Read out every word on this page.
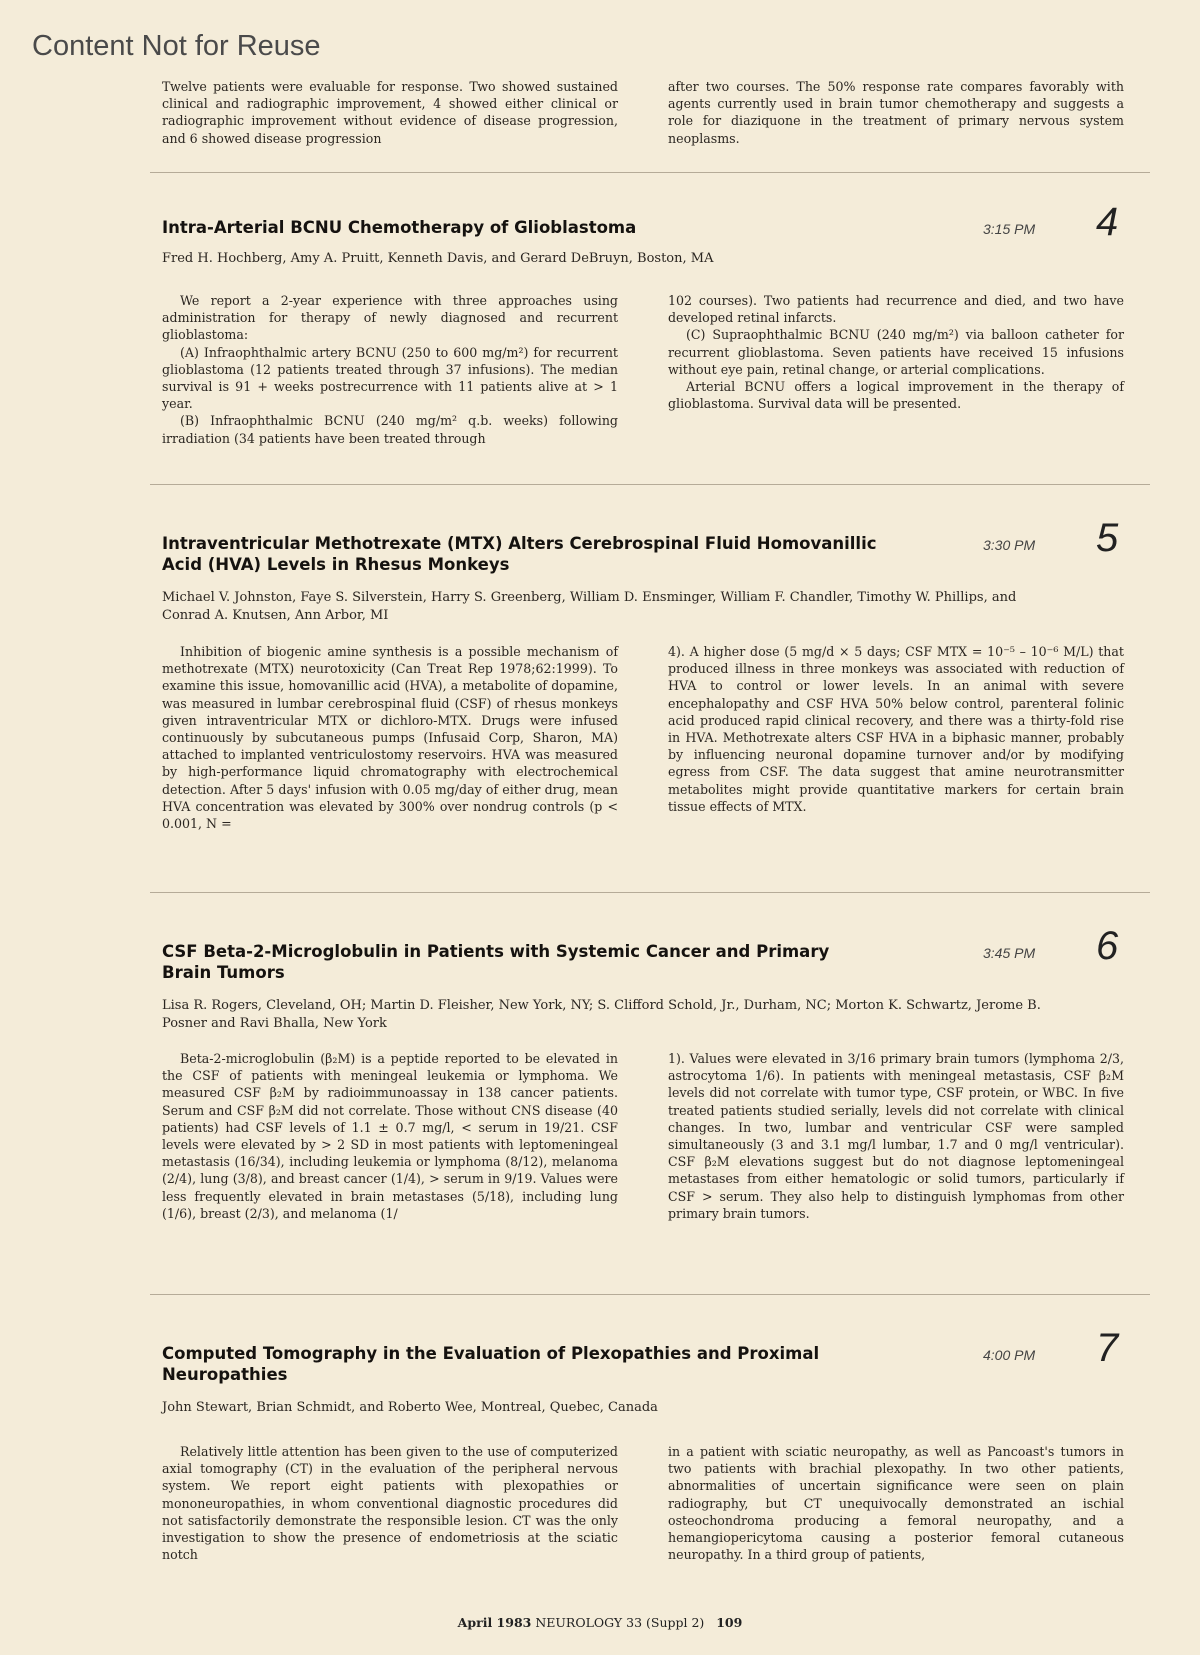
Content Not for Reuse
Twelve patients were evaluable for response. Two showed sustained clinical and radiographic improvement, 4 showed either clinical or radiographic improvement without evidence of disease progression, and 6 showed disease progression
after two courses. The 50% response rate compares favorably with agents currently used in brain tumor chemotherapy and suggests a role for diaziquone in the treatment of primary nervous system neoplasms.
Intra-Arterial BCNU Chemotherapy of Glioblastoma	3:15 PM 4
Fred H. Hochberg, Amy A. Pruitt, Kenneth Davis, and Gerard DeBruyn, Boston, MA

We report a 2-year experience with three approaches using administration for therapy of newly diagnosed and recurrent glioblastoma:

(A) Infraophthalmic artery BCNU (250 to 600 mg/m²) for recurrent glioblastoma (12 patients treated through 37 infusions). The median survival is 91 + weeks postrecurrence with 11 patients alive at > 1 year.

(B) Infraophthalmic BCNU (240 mg/m² q.b. weeks) following irradiation (34 patients have been treated through

102 courses). Two patients had recurrence and died, and two have developed retinal infarcts.

(C) Supraophthalmic BCNU (240 mg/m²) via balloon catheter for recurrent glioblastoma. Seven patients have received 15 infusions without eye pain, retinal change, or arterial complications.

Arterial BCNU offers a logical improvement in the therapy of glioblastoma. Survival data will be presented.

Intraventricular Methotrexate (MTX) Alters Cerebrospinal Fluid Homovanillic Acid (HVA) Levels in Rhesus Monkeys
3:30 PM 5
Michael V. Johnston, Faye S. Silverstein, Harry S. Greenberg, William D. Ensminger, William F. Chandler, Timothy W. Phillips, and Conrad A. Knutsen, Ann Arbor, MI

Inhibition of biogenic amine synthesis is a possible mechanism of methotrexate (MTX) neurotoxicity (Can Treat Rep 1978;62:1999). To examine this issue, homovanillic acid (HVA), a metabolite of dopamine, was measured in lumbar cerebrospinal fluid (CSF) of rhesus monkeys given intraventricular MTX or dichloro-MTX. Drugs were infused continuously by subcutaneous pumps (Infusaid Corp, Sharon, MA) attached to implanted ventriculostomy reservoirs. HVA was measured by high-performance liquid chromatography with electrochemical detection. After 5 days' infusion with 0.05 mg/day of either drug, mean HVA concentration was elevated by 300% over nondrug controls (p < 0.001, N =

4). A higher dose (5 mg/d × 5 days; CSF MTX = 10⁻⁵ – 10⁻⁶ M/L) that produced illness in three monkeys was associated with reduction of HVA to control or lower levels. In an animal with severe encephalopathy and CSF HVA 50% below control, parenteral folinic acid produced rapid clinical recovery, and there was a thirty-fold rise in HVA. Methotrexate alters CSF HVA in a biphasic manner, probably by influencing neuronal dopamine turnover and/or by modifying egress from CSF. The data suggest that amine neurotransmitter metabolites might provide quantitative markers for certain brain tissue effects of MTX.

CSF Beta-2-Microglobulin in Patients with Systemic Cancer and Primary Brain Tumors
3:45 PM 6
Lisa R. Rogers, Cleveland, OH; Martin D. Fleisher, New York, NY; S. Clifford Schold, Jr., Durham, NC; Morton K. Schwartz, Jerome B. Posner and Ravi Bhalla, New York

Beta-2-microglobulin (β₂M) is a peptide reported to be elevated in the CSF of patients with meningeal leukemia or lymphoma. We measured CSF β₂M by radioimmunoassay in 138 cancer patients. Serum and CSF β₂M did not correlate. Those without CNS disease (40 patients) had CSF levels of 1.1 ± 0.7 mg/l, < serum in 19/21. CSF levels were elevated by > 2 SD in most patients with leptomeningeal metastasis (16/34), including leukemia or lymphoma (8/12), melanoma (2/4), lung (3/8), and breast cancer (1/4), > serum in 9/19. Values were less frequently elevated in brain metastases (5/18), including lung (1/6), breast (2/3), and melanoma (1/

1). Values were elevated in 3/16 primary brain tumors (lymphoma 2/3, astrocytoma 1/6). In patients with meningeal metastasis, CSF β₂M levels did not correlate with tumor type, CSF protein, or WBC. In five treated patients studied serially, levels did not correlate with clinical changes. In two, lumbar and ventricular CSF were sampled simultaneously (3 and 3.1 mg/l lumbar, 1.7 and 0 mg/l ventricular). CSF β₂M elevations suggest but do not diagnose leptomeningeal metastases from either hematologic or solid tumors, particularly if CSF > serum. They also help to distinguish lymphomas from other primary brain tumors.

Computed Tomography in the Evaluation of Plexopathies and Proximal Neuropathies
4:00 PM 7
John Stewart, Brian Schmidt, and Roberto Wee, Montreal, Quebec, Canada

Relatively little attention has been given to the use of computerized axial tomography (CT) in the evaluation of the peripheral nervous system. We report eight patients with plexopathies or mononeuropathies, in whom conventional diagnostic procedures did not satisfactorily demonstrate the responsible lesion. CT was the only investigation to show the presence of endometriosis at the sciatic notch

in a patient with sciatic neuropathy, as well as Pancoast's tumors in two patients with brachial plexopathy. In two other patients, abnormalities of uncertain significance were seen on plain radiography, but CT unequivocally demonstrated an ischial osteochondroma producing a femoral neuropathy, and a hemangiopericytoma causing a posterior femoral cutaneous neuropathy. In a third group of patients,

April 1983 NEUROLOGY 33 (Suppl 2) 109
